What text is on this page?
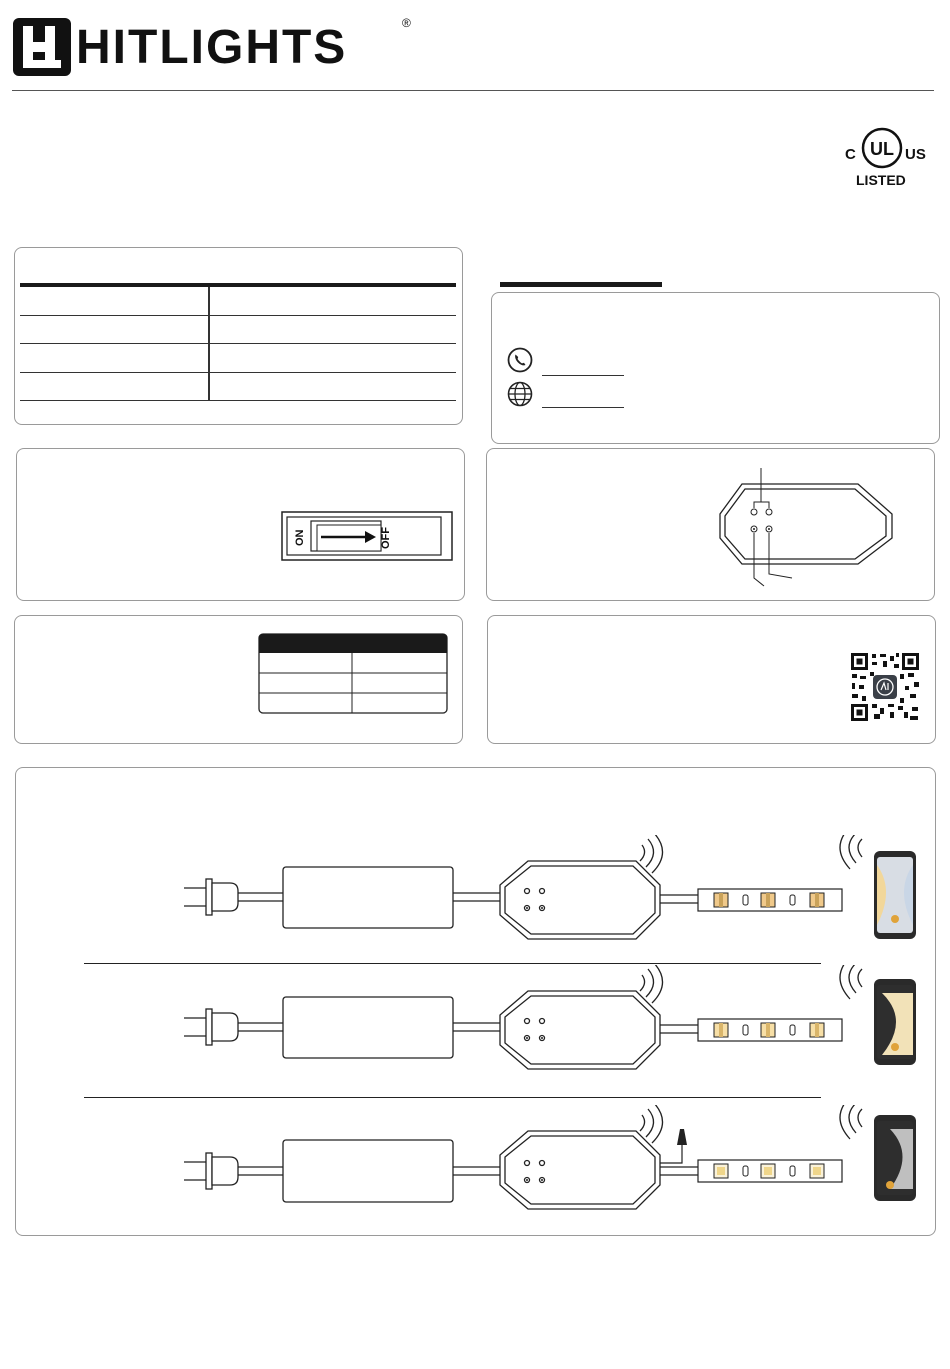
HITLIGHTS	®
UL
C	US
LISTED
ON	OFF
